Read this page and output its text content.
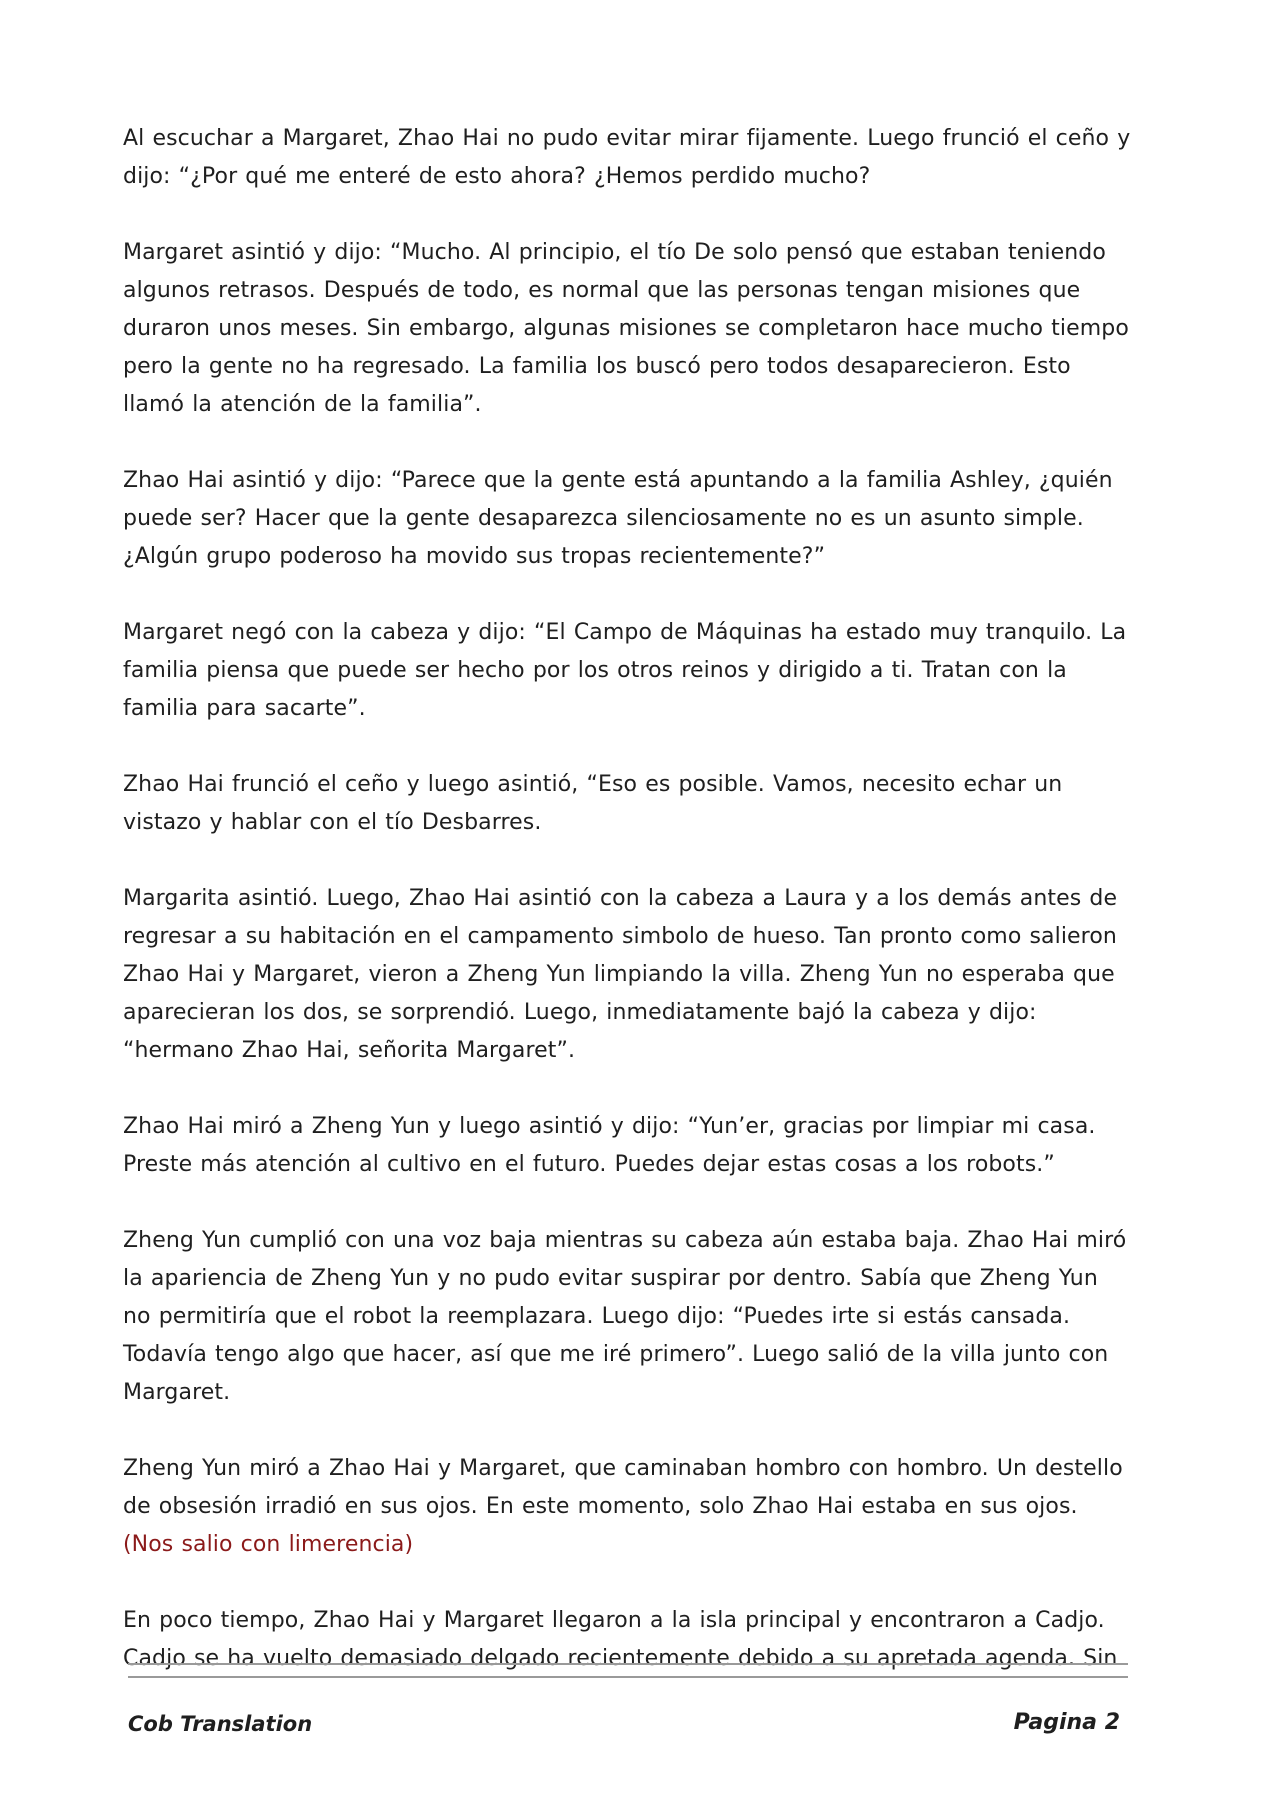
Al escuchar a Margaret, Zhao Hai no pudo evitar mirar fijamente. Luego frunció el ceño y dijo: “¿Por qué me enteré de esto ahora? ¿Hemos perdido mucho?

Margaret asintió y dijo: “Mucho. Al principio, el tío De solo pensó que estaban teniendo algunos retrasos. Después de todo, es normal que las personas tengan misiones que duraron unos meses. Sin embargo, algunas misiones se completaron hace mucho tiempo pero la gente no ha regresado. La familia los buscó pero todos desaparecieron. Esto llamó la atención de la familia”.

Zhao Hai asintió y dijo: “Parece que la gente está apuntando a la familia Ashley, ¿quién puede ser? Hacer que la gente desaparezca silenciosamente no es un asunto simple. ¿Algún grupo poderoso ha movido sus tropas recientemente?”

Margaret negó con la cabeza y dijo: “El Campo de Máquinas ha estado muy tranquilo. La familia piensa que puede ser hecho por los otros reinos y dirigido a ti. Tratan con la familia para sacarte”.

Zhao Hai frunció el ceño y luego asintió, “Eso es posible. Vamos, necesito echar un vistazo y hablar con el tío Desbarres.

Margarita asintió. Luego, Zhao Hai asintió con la cabeza a Laura y a los demás antes de regresar a su habitación en el campamento simbolo de hueso. Tan pronto como salieron Zhao Hai y Margaret, vieron a Zheng Yun limpiando la villa. Zheng Yun no esperaba que aparecieran los dos, se sorprendió. Luego, inmediatamente bajó la cabeza y dijo: “hermano Zhao Hai, señorita Margaret”.

Zhao Hai miró a Zheng Yun y luego asintió y dijo: “Yun’er, gracias por limpiar mi casa. Preste más atención al cultivo en el futuro. Puedes dejar estas cosas a los robots.”

Zheng Yun cumplió con una voz baja mientras su cabeza aún estaba baja. Zhao Hai miró la apariencia de Zheng Yun y no pudo evitar suspirar por dentro. Sabía que Zheng Yun no permitiría que el robot la reemplazara. Luego dijo: “Puedes irte si estás cansada. Todavía tengo algo que hacer, así que me iré primero”. Luego salió de la villa junto con Margaret.

Zheng Yun miró a Zhao Hai y Margaret, que caminaban hombro con hombro. Un destello de obsesión irradió en sus ojos. En este momento, solo Zhao Hai estaba en sus ojos. (Nos salio con limerencia)

En poco tiempo, Zhao Hai y Margaret llegaron a la isla principal y encontraron a Cadjo. Cadjo se ha vuelto demasiado delgado recientemente debido a su apretada agenda. Sin

Cob Translation	Pagina 2
